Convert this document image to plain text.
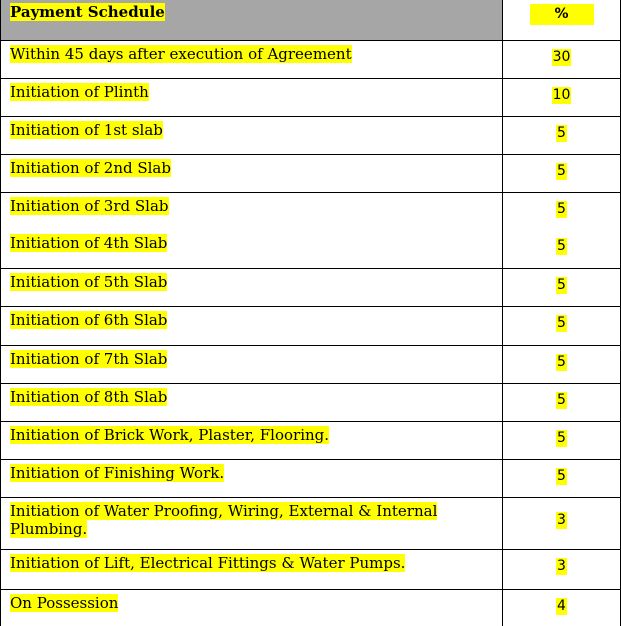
Payment Schedule	%
Within 45 days after execution of Agreement	30
Initiation of Plinth	10
Initiation of 1st slab	5
Initiation of 2nd Slab	5
Initiation of 3rd Slab	5
Initiation of 4th Slab	5
Initiation of 5th Slab	5
Initiation of 6th Slab	5
Initiation of 7th Slab	5
Initiation of 8th Slab	5
Initiation of Brick Work, Plaster, Flooring.	5
Initiation of Finishing Work.	5
Initiation of Water Proofing, Wiring, External & Internal Plumbing.	3
Initiation of Lift, Electrical Fittings & Water Pumps.	3
On Possession	4
